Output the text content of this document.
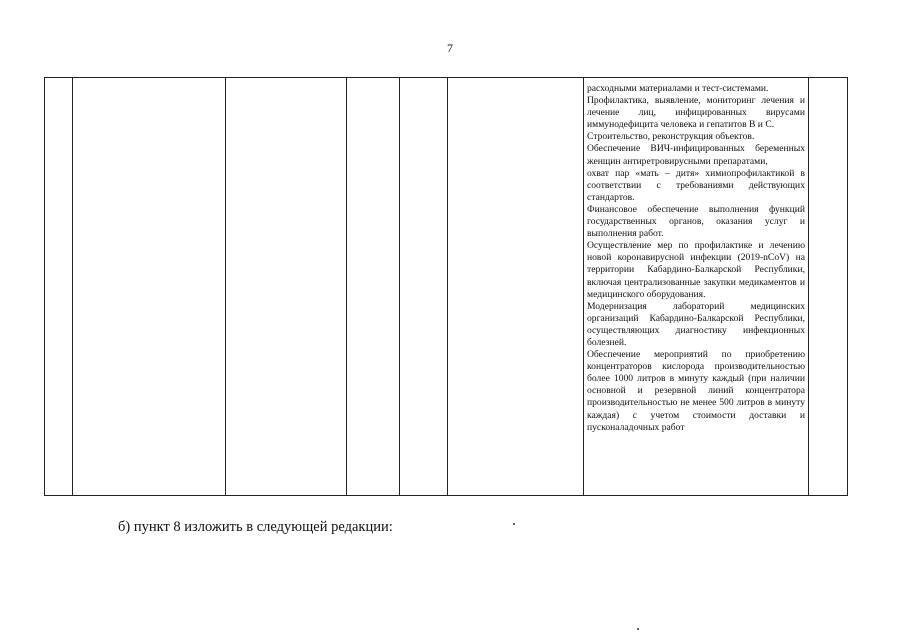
7

расходными материалами и тест-системами.
Профилактика, выявление, мониторинг лечения и лечение лиц, инфицированных вирусами иммунодефицита человека и гепатитов В и С.
Строительство, реконструкция объектов.
Обеспечение ВИЧ-инфицированных беременных женщин антиретровирусными препаратами,
охват пар «мать – дитя» химиопрофилактикой в соответствии с требованиями действующих стандартов.
Финансовое обеспечение выполнения функций государственных органов, оказания услуг и выполнения работ.
Осуществление мер по профилактике и лечению новой коронавирусной инфекции (2019-nCoV) на территории Кабардино-Балкарской Республики, включая централизованные закупки медикаментов и медицинского оборудования.
Модернизация лабораторий медицинских организаций Кабардино-Балкарской Республики, осуществляющих диагностику инфекционных болезней.
Обеспечение мероприятий по приобретению концентраторов кислорода производительностью более 1000 литров в минуту каждый (при наличии основной и резервной линий концентратора производительностью не менее 500 литров в минуту каждая) с учетом стоимости доставки и пусконаладочных работ

б) пункт 8 изложить в следующей редакции:
